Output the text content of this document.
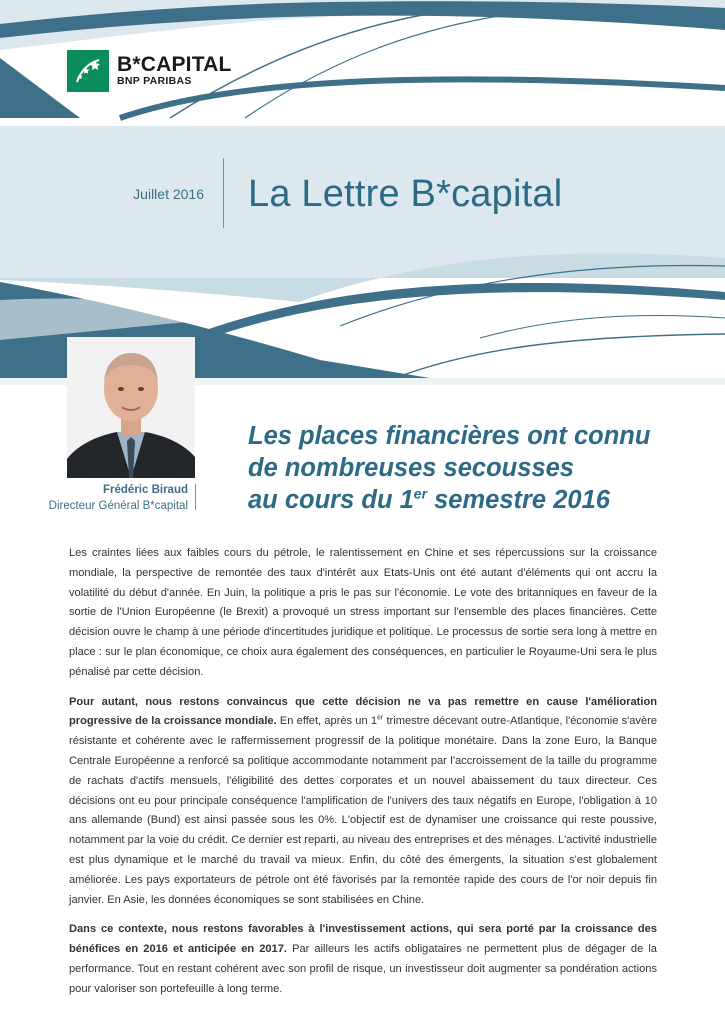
B*CAPITAL
BNP PARIBAS
Juillet 2016 La Lettre B*capital
Frédéric Biraud
Directeur Général B*capital
Les places financières ont connu
de nombreuses secousses
au cours du 1er semestre 2016

Les craintes liées aux faibles cours du pétrole, le ralentissement en Chine et ses répercussions sur la croissance mondiale, la perspective de remontée des taux d'intérêt aux Etats-Unis ont été autant d'éléments qui ont accru la volatilité du début d'année. En Juin, la politique a pris le pas sur l'économie. Le vote des britanniques en faveur de la sortie de l'Union Européenne (le Brexit) a provoqué un stress important sur l'ensemble des places financières. Cette décision ouvre le champ à une période d'incertitudes juridique et politique. Le processus de sortie sera long à mettre en place : sur le plan économique, ce choix aura également des conséquences, en particulier le Royaume-Uni sera le plus pénalisé par cette décision.

Pour autant, nous restons convaincus que cette décision ne va pas remettre en cause l'amélioration progressive de la croissance mondiale. En effet, après un 1er trimestre décevant outre-Atlantique, l'économie s'avère résistante et cohérente avec le raffermissement progressif de la politique monétaire. Dans la zone Euro, la Banque Centrale Européenne a renforcé sa politique accommodante notamment par l'accroissement de la taille du programme de rachats d'actifs mensuels, l'éligibilité des dettes corporates et un nouvel abaissement du taux directeur. Ces décisions ont eu pour principale conséquence l'amplification de l'univers des taux négatifs en Europe, l'obligation à 10 ans allemande (Bund) est ainsi passée sous les 0%. L'objectif est de dynamiser une croissance qui reste poussive, notamment par la voie du crédit. Ce dernier est reparti, au niveau des entreprises et des ménages. L'activité industrielle est plus dynamique et le marché du travail va mieux. Enfin, du côté des émergents, la situation s'est globalement améliorée. Les pays exportateurs de pétrole ont été favorisés par la remontée rapide des cours de l'or noir depuis fin janvier. En Asie, les données économiques se sont stabilisées en Chine.

Dans ce contexte, nous restons favorables à l'investissement actions, qui sera porté par la croissance des bénéfices en 2016 et anticipée en 2017. Par ailleurs les actifs obligataires ne permettent plus de dégager de la performance. Tout en restant cohérent avec son profil de risque, un investisseur doit augmenter sa pondération actions pour valoriser son portefeuille à long terme.
